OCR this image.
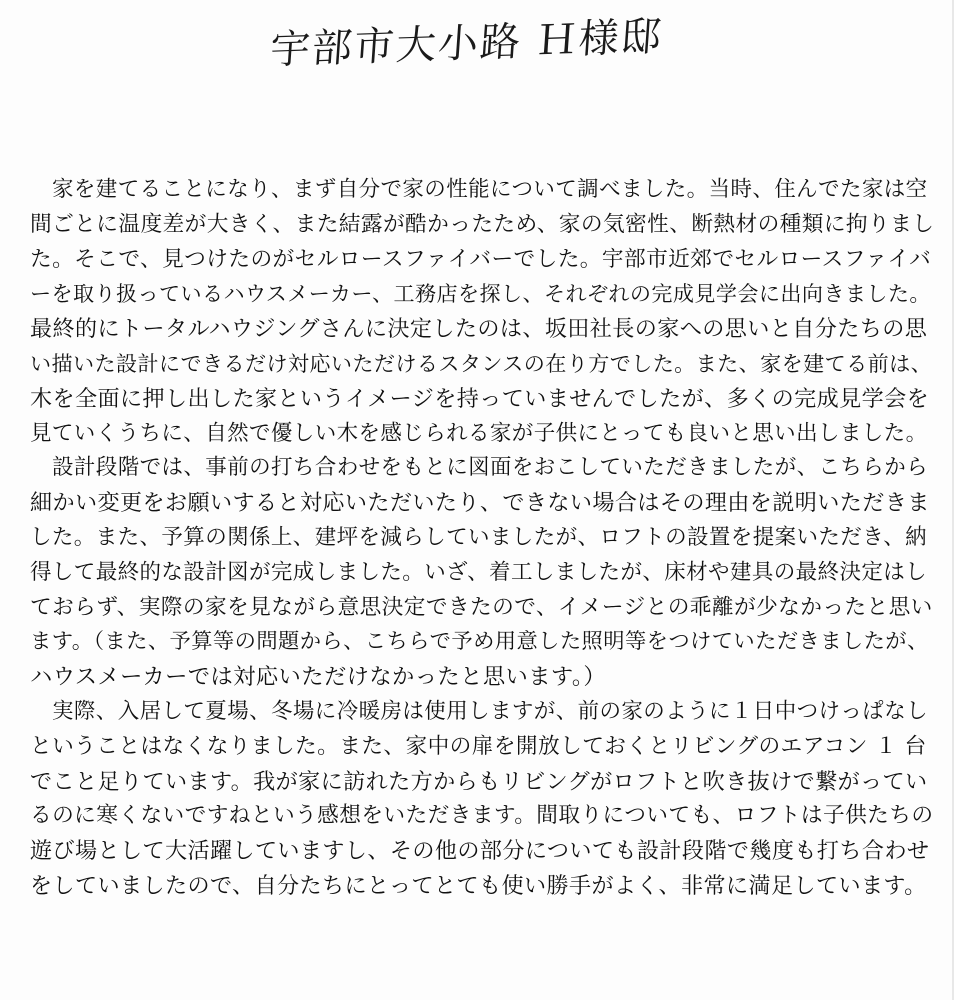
宇部市大小路 Ｈ様邸
家を建てることになり、まず自分で家の性能について調べました。当時、住んでた家は空
間ごとに温度差が大きく、また結露が酷かったため、家の気密性、断熱材の種類に拘りまし
た。そこで、見つけたのがセルロースファイバーでした。宇部市近郊でセルロースファイバ
ーを取り扱っているハウスメーカー、工務店を探し、それぞれの完成見学会に出向きました。
最終的にトータルハウジングさんに決定したのは、坂田社長の家への思いと自分たちの思
い描いた設計にできるだけ対応いただけるスタンスの在り方でした。また、家を建てる前は、
木を全面に押し出した家というイメージを持っていませんでしたが、多くの完成見学会を
見ていくうちに、自然で優しい木を感じられる家が子供にとっても良いと思い出しました。
設計段階では、事前の打ち合わせをもとに図面をおこしていただきましたが、こちらから
細かい変更をお願いすると対応いただいたり、できない場合はその理由を説明いただきま
した。また、予算の関係上、建坪を減らしていましたが、ロフトの設置を提案いただき、納
得して最終的な設計図が完成しました。いざ、着工しましたが、床材や建具の最終決定はし
ておらず、実際の家を見ながら意思決定できたので、イメージとの乖離が少なかったと思い
ます。（また、予算等の問題から、こちらで予め用意した照明等をつけていただきましたが、
ハウスメーカーでは対応いただけなかったと思います。）
実際、入居して夏場、冬場に冷暖房は使用しますが、前の家のように１日中つけっぱなし
ということはなくなりました。また、家中の扉を開放しておくとリビングのエアコン １ 台
でこと足りています。我が家に訪れた方からもリビングがロフトと吹き抜けで繋がってい
るのに寒くないですねという感想をいただきます。間取りについても、ロフトは子供たちの
遊び場として大活躍していますし、その他の部分についても設計段階で幾度も打ち合わせ
をしていましたので、自分たちにとってとても使い勝手がよく、非常に満足しています。
